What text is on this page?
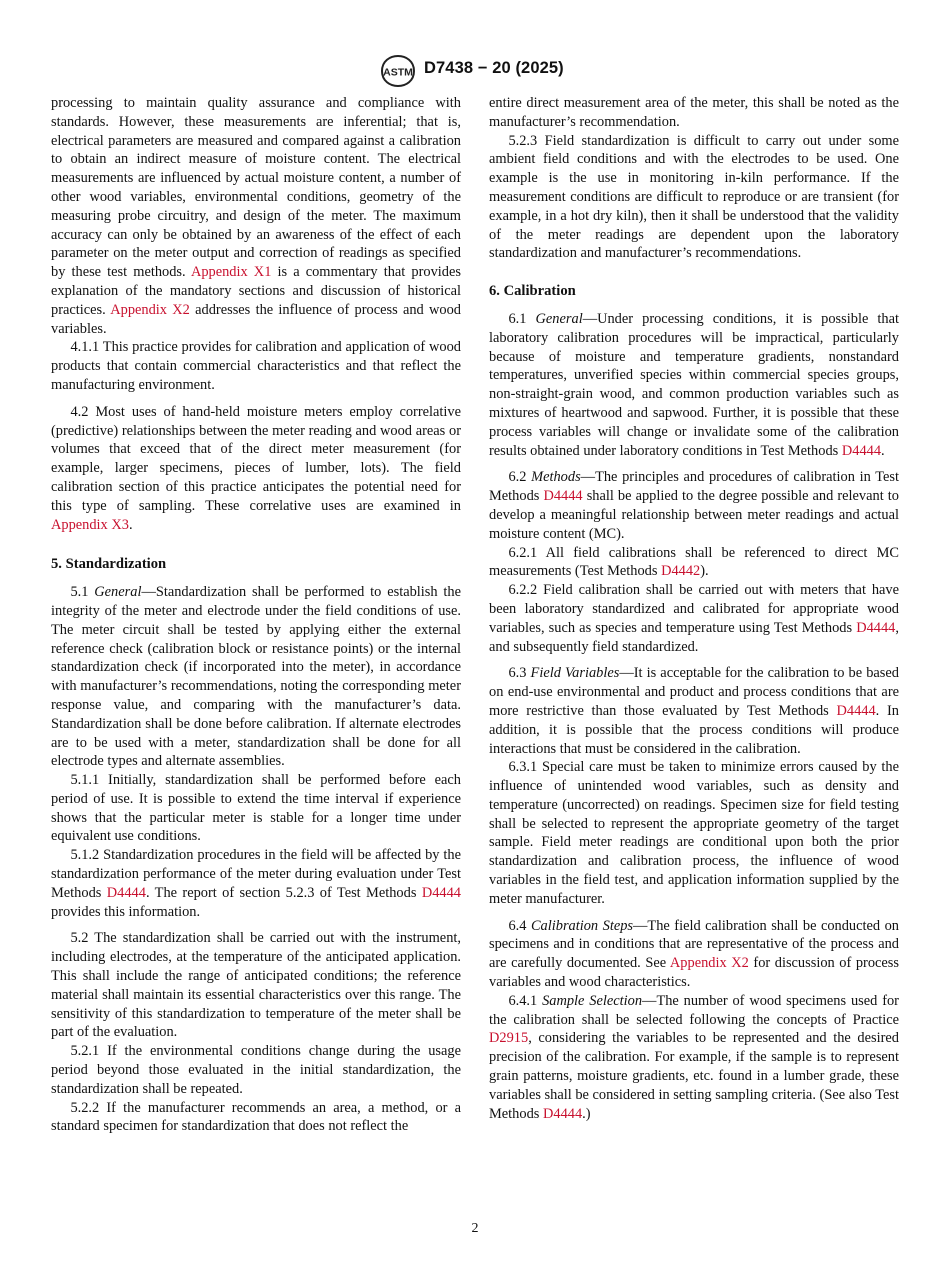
ASTM D7438 − 20 (2025)

processing to maintain quality assurance and compliance with standards. However, these measurements are inferential; that is, electrical parameters are measured and compared against a calibration to obtain an indirect measure of moisture content. The electrical measurements are influenced by actual moisture content, a number of other wood variables, environmental conditions, geometry of the measuring probe circuitry, and design of the meter. The maximum accuracy can only be obtained by an awareness of the effect of each parameter on the meter output and correction of readings as specified by these test methods. Appendix X1 is a commentary that provides explanation of the mandatory sections and discussion of historical practices. Appendix X2 addresses the influence of process and wood variables.

4.1.1 This practice provides for calibration and application of wood products that contain commercial characteristics and that reflect the manufacturing environment.

4.2 Most uses of hand-held moisture meters employ correlative (predictive) relationships between the meter reading and wood areas or volumes that exceed that of the direct meter measurement (for example, larger specimens, pieces of lumber, lots). The field calibration section of this practice anticipates the potential need for this type of sampling. These correlative uses are examined in Appendix X3.

5. Standardization

5.1 General—Standardization shall be performed to establish the integrity of the meter and electrode under the field conditions of use. The meter circuit shall be tested by applying either the external reference check (calibration block or resistance points) or the internal standardization check (if incorporated into the meter), in accordance with manufacturer’s recommendations, noting the corresponding meter response value, and comparing with the manufacturer’s data. Standardization shall be done before calibration. If alternate electrodes are to be used with a meter, standardization shall be done for all electrode types and alternate assemblies.

5.1.1 Initially, standardization shall be performed before each period of use. It is possible to extend the time interval if experience shows that the particular meter is stable for a longer time under equivalent use conditions.

5.1.2 Standardization procedures in the field will be affected by the standardization performance of the meter during evaluation under Test Methods D4444. The report of section 5.2.3 of Test Methods D4444 provides this information.

5.2 The standardization shall be carried out with the instrument, including electrodes, at the temperature of the anticipated application. This shall include the range of anticipated conditions; the reference material shall maintain its essential characteristics over this range. The sensitivity of this standardization to temperature of the meter shall be part of the evaluation.

5.2.1 If the environmental conditions change during the usage period beyond those evaluated in the initial standardization, the standardization shall be repeated.

5.2.2 If the manufacturer recommends an area, a method, or a standard specimen for standardization that does not reflect the

entire direct measurement area of the meter, this shall be noted as the manufacturer’s recommendation.

5.2.3 Field standardization is difficult to carry out under some ambient field conditions and with the electrodes to be used. One example is the use in monitoring in-kiln performance. If the measurement conditions are difficult to reproduce or are transient (for example, in a hot dry kiln), then it shall be understood that the validity of the meter readings are dependent upon the laboratory standardization and manufacturer’s recommendations.

6. Calibration

6.1 General—Under processing conditions, it is possible that laboratory calibration procedures will be impractical, particularly because of moisture and temperature gradients, nonstandard temperatures, unverified species within commercial species groups, non-straight-grain wood, and common production variables such as mixtures of heartwood and sapwood. Further, it is possible that these process variables will change or invalidate some of the calibration results obtained under laboratory conditions in Test Methods D4444.

6.2 Methods—The principles and procedures of calibration in Test Methods D4444 shall be applied to the degree possible and relevant to develop a meaningful relationship between meter readings and actual moisture content (MC).

6.2.1 All field calibrations shall be referenced to direct MC measurements (Test Methods D4442).

6.2.2 Field calibration shall be carried out with meters that have been laboratory standardized and calibrated for appropriate wood variables, such as species and temperature using Test Methods D4444, and subsequently field standardized.

6.3 Field Variables—It is acceptable for the calibration to be based on end-use environmental and product and process conditions that are more restrictive than those evaluated by Test Methods D4444. In addition, it is possible that the process conditions will produce interactions that must be considered in the calibration.

6.3.1 Special care must be taken to minimize errors caused by the influence of unintended wood variables, such as density and temperature (uncorrected) on readings. Specimen size for field testing shall be selected to represent the appropriate geometry of the target sample. Field meter readings are conditional upon both the prior standardization and calibration process, the influence of wood variables in the field test, and application information supplied by the meter manufacturer.

6.4 Calibration Steps—The field calibration shall be conducted on specimens and in conditions that are representative of the process and are carefully documented. See Appendix X2 for discussion of process variables and wood characteristics.

6.4.1 Sample Selection—The number of wood specimens used for the calibration shall be selected following the concepts of Practice D2915, considering the variables to be represented and the desired precision of the calibration. For example, if the sample is to represent grain patterns, moisture gradients, etc. found in a lumber grade, these variables shall be considered in setting sampling criteria. (See also Test Methods D4444.)

2
